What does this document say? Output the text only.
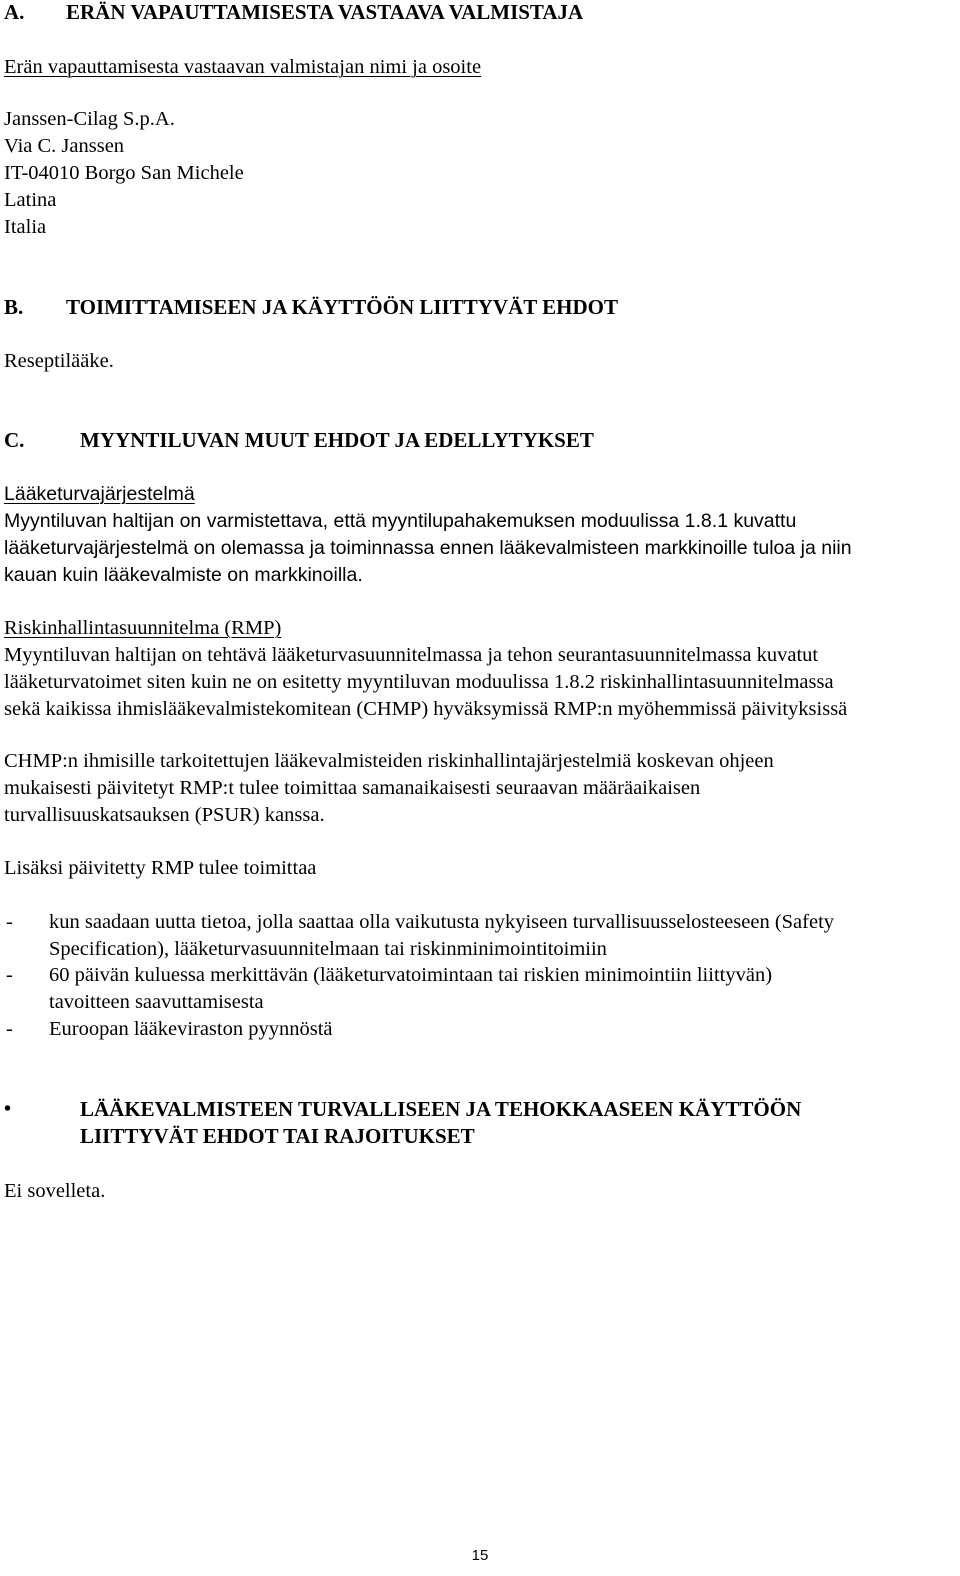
A. ERÄN VAPAUTTAMISESTA VASTAAVA VALMISTAJA
Erän vapauttamisesta vastaavan valmistajan nimi ja osoite
Janssen-Cilag S.p.A.
Via C. Janssen
IT-04010 Borgo San Michele
Latina
Italia
B. TOIMITTAMISEEN JA KÄYTTÖÖN LIITTYVÄT EHDOT
Reseptilääke.
C.	MYYNTILUVAN MUUT EHDOT JA EDELLYTYKSET
Lääketurvajärjestelmä
Myyntiluvan haltijan on varmistettava, että myyntilupahakemuksen moduulissa 1.8.1 kuvattu
lääketurvajärjestelmä on olemassa ja toiminnassa ennen lääkevalmisteen markkinoille tuloa ja niin
kauan kuin lääkevalmiste on markkinoilla.
Riskinhallintasuunnitelma (RMP)
Myyntiluvan haltijan on tehtävä lääketurvasuunnitelmassa ja tehon seurantasuunnitelmassa kuvatut
lääketurvatoimet siten kuin ne on esitetty myyntiluvan moduulissa 1.8.2 riskinhallintasuunnitelmassa
sekä kaikissa ihmislääkevalmistekomitean (CHMP) hyväksymissä RMP:n myöhemmissä päivityksissä
CHMP:n ihmisille tarkoitettujen lääkevalmisteiden riskinhallintajärjestelmiä koskevan ohjeen
mukaisesti päivitetyt RMP:t tulee toimittaa samanaikaisesti seuraavan määräaikaisen
turvallisuuskatsauksen (PSUR) kanssa.
Lisäksi päivitetty RMP tulee toimittaa
- kun saadaan uutta tietoa, jolla saattaa olla vaikutusta nykyiseen turvallisuusselosteeseen (Safety
Specification), lääketurvasuunnitelmaan tai riskinminimointitoimiin
- 60 päivän kuluessa merkittävän (lääketurvatoimintaan tai riskien minimointiin liittyvän)
tavoitteen saavuttamisesta
- Euroopan lääkeviraston pyynnöstä
•	LÄÄKEVALMISTEEN TURVALLISEEN JA TEHOKKAASEEN KÄYTTÖÖN
LIITTYVÄT EHDOT TAI RAJOITUKSET
Ei sovelleta.
15
